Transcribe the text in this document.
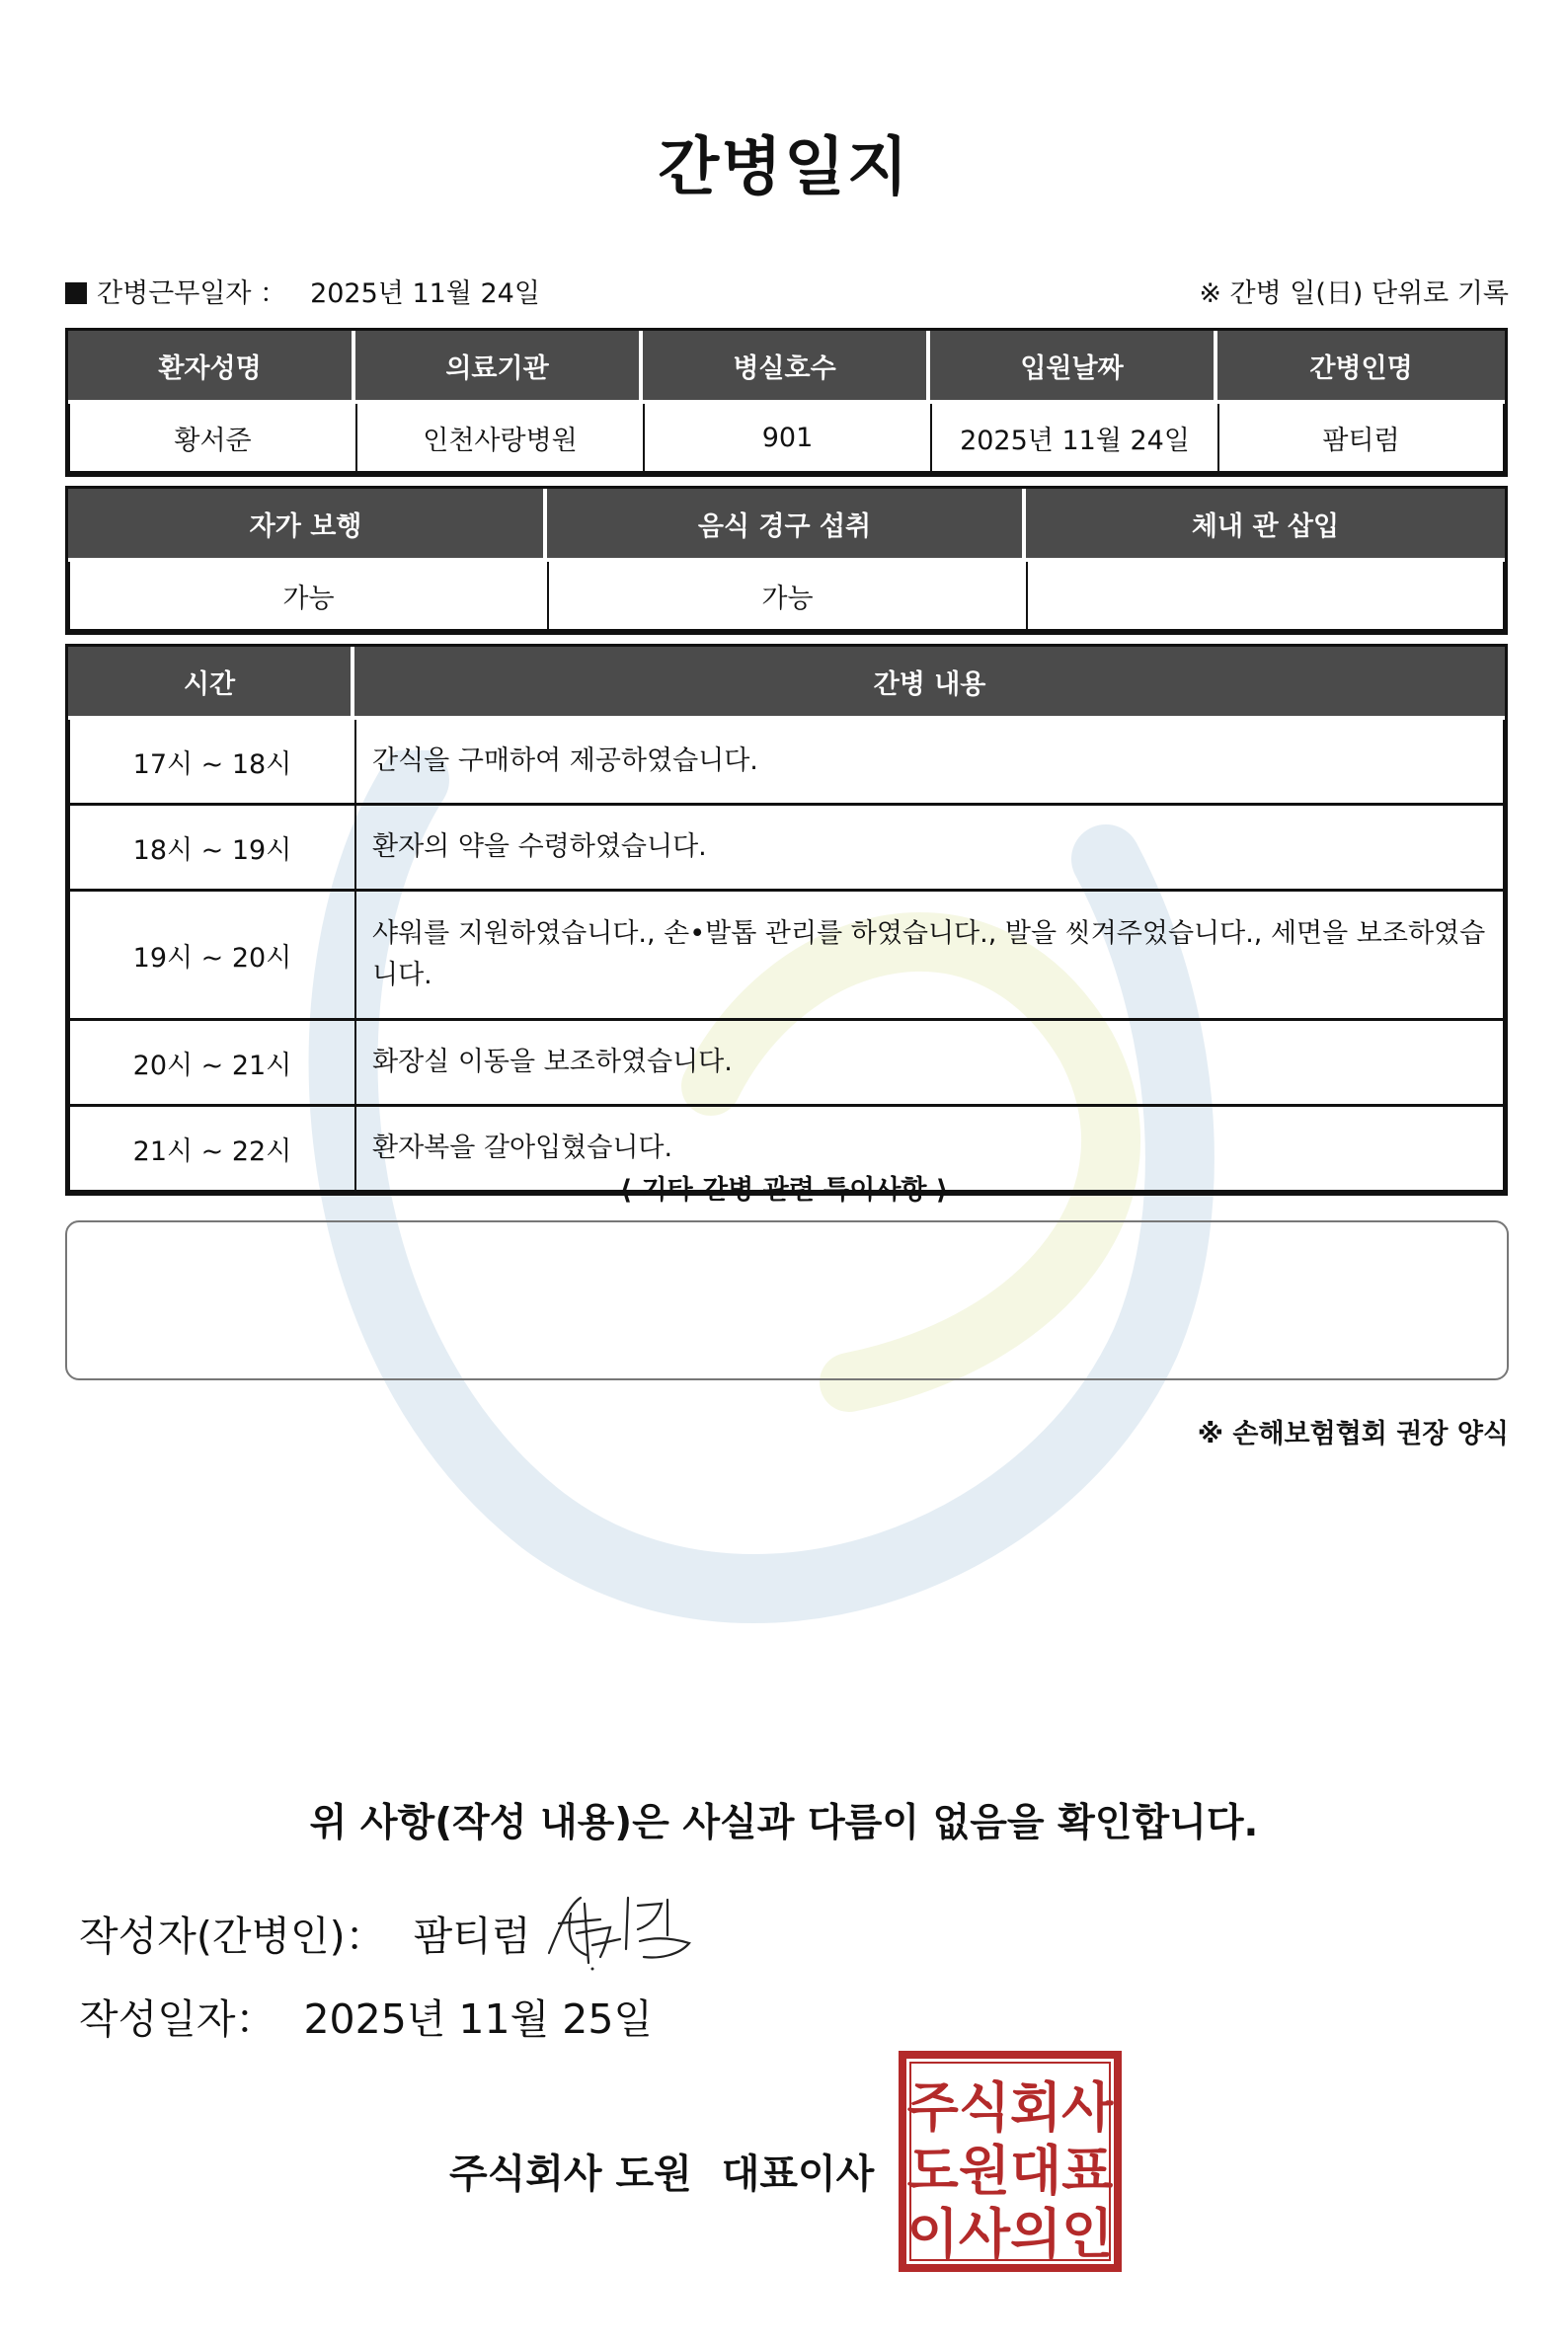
간병일지
간병근무일자 ： 2025년 11월 24일	※ 간병 일(日) 단위로 기록
환자성명	의료기관	병실호수	입원날짜	간병인명
황서준	인천사랑병원	901	2025년 11월 24일	팜티럼
자가 보행	음식 경구 섭취	체내 관 삽입
가능	가능	
시간	간병 내용
17시 ~ 18시	간식을 구매하여 제공하였습니다.
18시 ~ 19시	환자의 약을 수령하였습니다.
19시 ~ 20시	샤워를 지원하였습니다., 손•발톱 관리를 하였습니다., 발을 씻겨주었습니다., 세면을 보조하였습니다.
20시 ~ 21시	화장실 이동을 보조하였습니다.
21시 ~ 22시	환자복을 갈아입혔습니다.
⟨ 기타 간병 관련 특이사항 ⟩
※ 손해보험협회 권장 양식
위 사항(작성 내용)은 사실과 다름이 없음을 확인합니다.
작성자(간병인)： 팜티럼
작성일자： 2025년 11월 25일
주식회사 도원 대표이사
주식회사
도원대표
이사의인
